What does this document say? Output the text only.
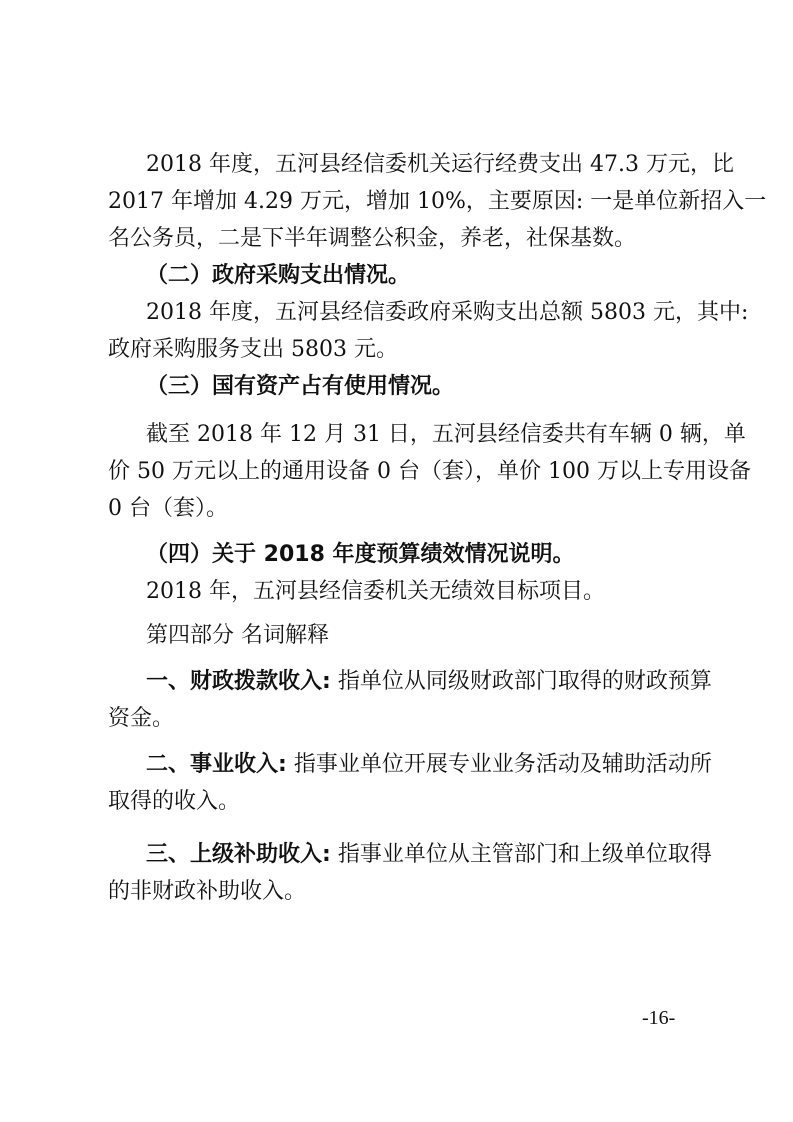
2018 年度，五河县经信委机关运行经费支出 47.3 万元，比
2017 年增加 4.29 万元，增加 10%，主要原因: 一是单位新招入一
名公务员，二是下半年调整公积金，养老，社保基数。
（二）政府采购支出情况。
2018 年度，五河县经信委政府采购支出总额 5803 元，其中:
政府采购服务支出 5803 元。
（三）国有资产占有使用情况。
截至 2018 年 12 月 31 日，五河县经信委共有车辆 0 辆，单
价 50 万元以上的通用设备 0 台（套），单价 100 万以上专用设备
0 台（套）。
（四）关于 2018 年度预算绩效情况说明。
2018 年，五河县经信委机关无绩效目标项目。
第四部分 名词解释
一、财政拨款收入: 指单位从同级财政部门取得的财政预算
资金。
二、事业收入: 指事业单位开展专业业务活动及辅助活动所
取得的收入。
三、上级补助收入: 指事业单位从主管部门和上级单位取得
的非财政补助收入。
-16-
